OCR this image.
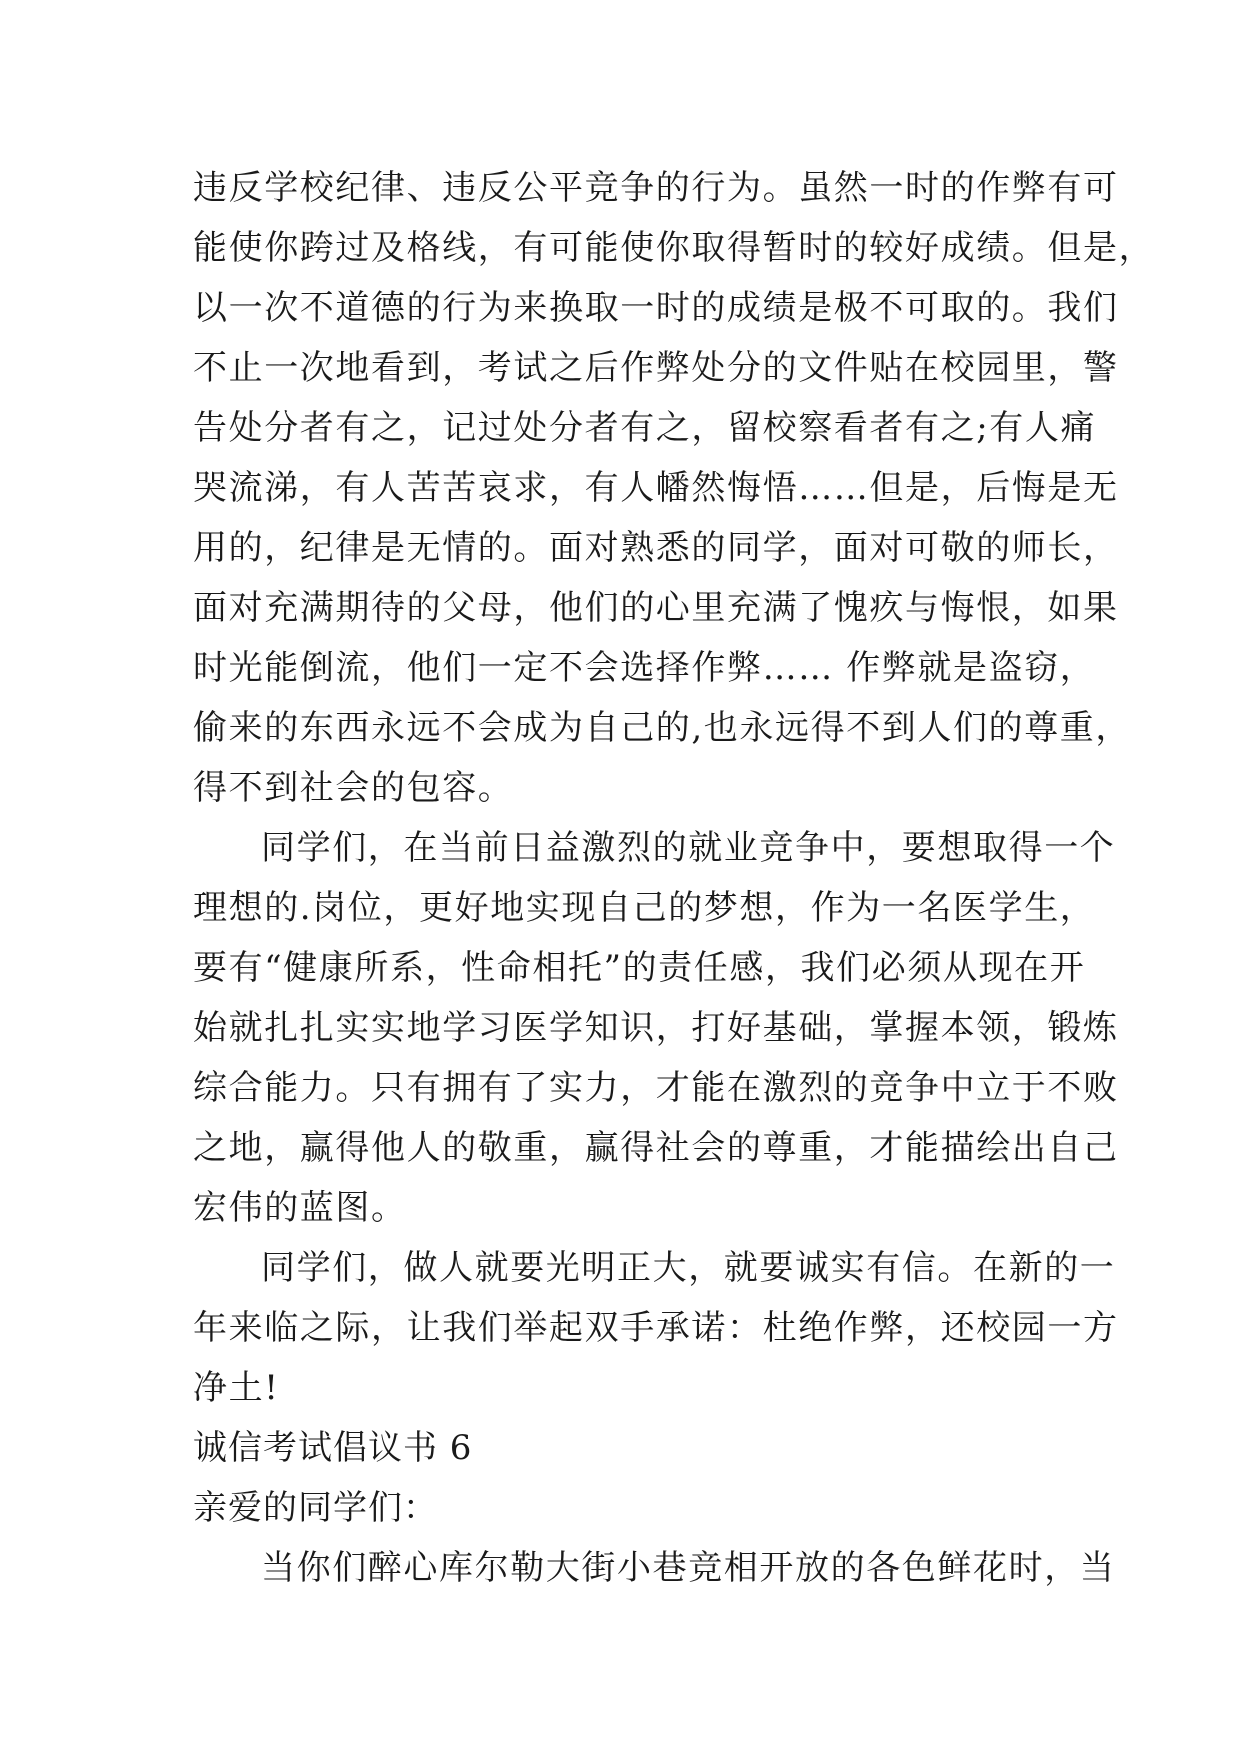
违反学校纪律、违反公平竞争的行为。虽然一时的作弊有可
能使你跨过及格线，有可能使你取得暂时的较好成绩。但是，
以一次不道德的行为来换取一时的成绩是极不可取的。我们
不止一次地看到，考试之后作弊处分的文件贴在校园里，警
告处分者有之，记过处分者有之，留校察看者有之;有人痛
哭流涕，有人苦苦哀求，有人幡然悔悟……但是，后悔是无
用的，纪律是无情的。面对熟悉的同学，面对可敬的师长，
面对充满期待的父母，他们的心里充满了愧疚与悔恨，如果
时光能倒流，他们一定不会选择作弊…… 作弊就是盗窃，
偷来的东西永远不会成为自己的,也永远得不到人们的尊重，
得不到社会的包容。
同学们，在当前日益激烈的就业竞争中，要想取得一个
理想的.岗位，更好地实现自己的梦想，作为一名医学生，
要有“健康所系，性命相托”的责任感，我们必须从现在开
始就扎扎实实地学习医学知识，打好基础，掌握本领，锻炼
综合能力。只有拥有了实力，才能在激烈的竞争中立于不败
之地，赢得他人的敬重，赢得社会的尊重，才能描绘出自己
宏伟的蓝图。
同学们，做人就要光明正大，就要诚实有信。在新的一
年来临之际，让我们举起双手承诺：杜绝作弊，还校园一方
净土!
诚信考试倡议书 6
亲爱的同学们：
当你们醉心库尔勒大街小巷竞相开放的各色鲜花时，当
